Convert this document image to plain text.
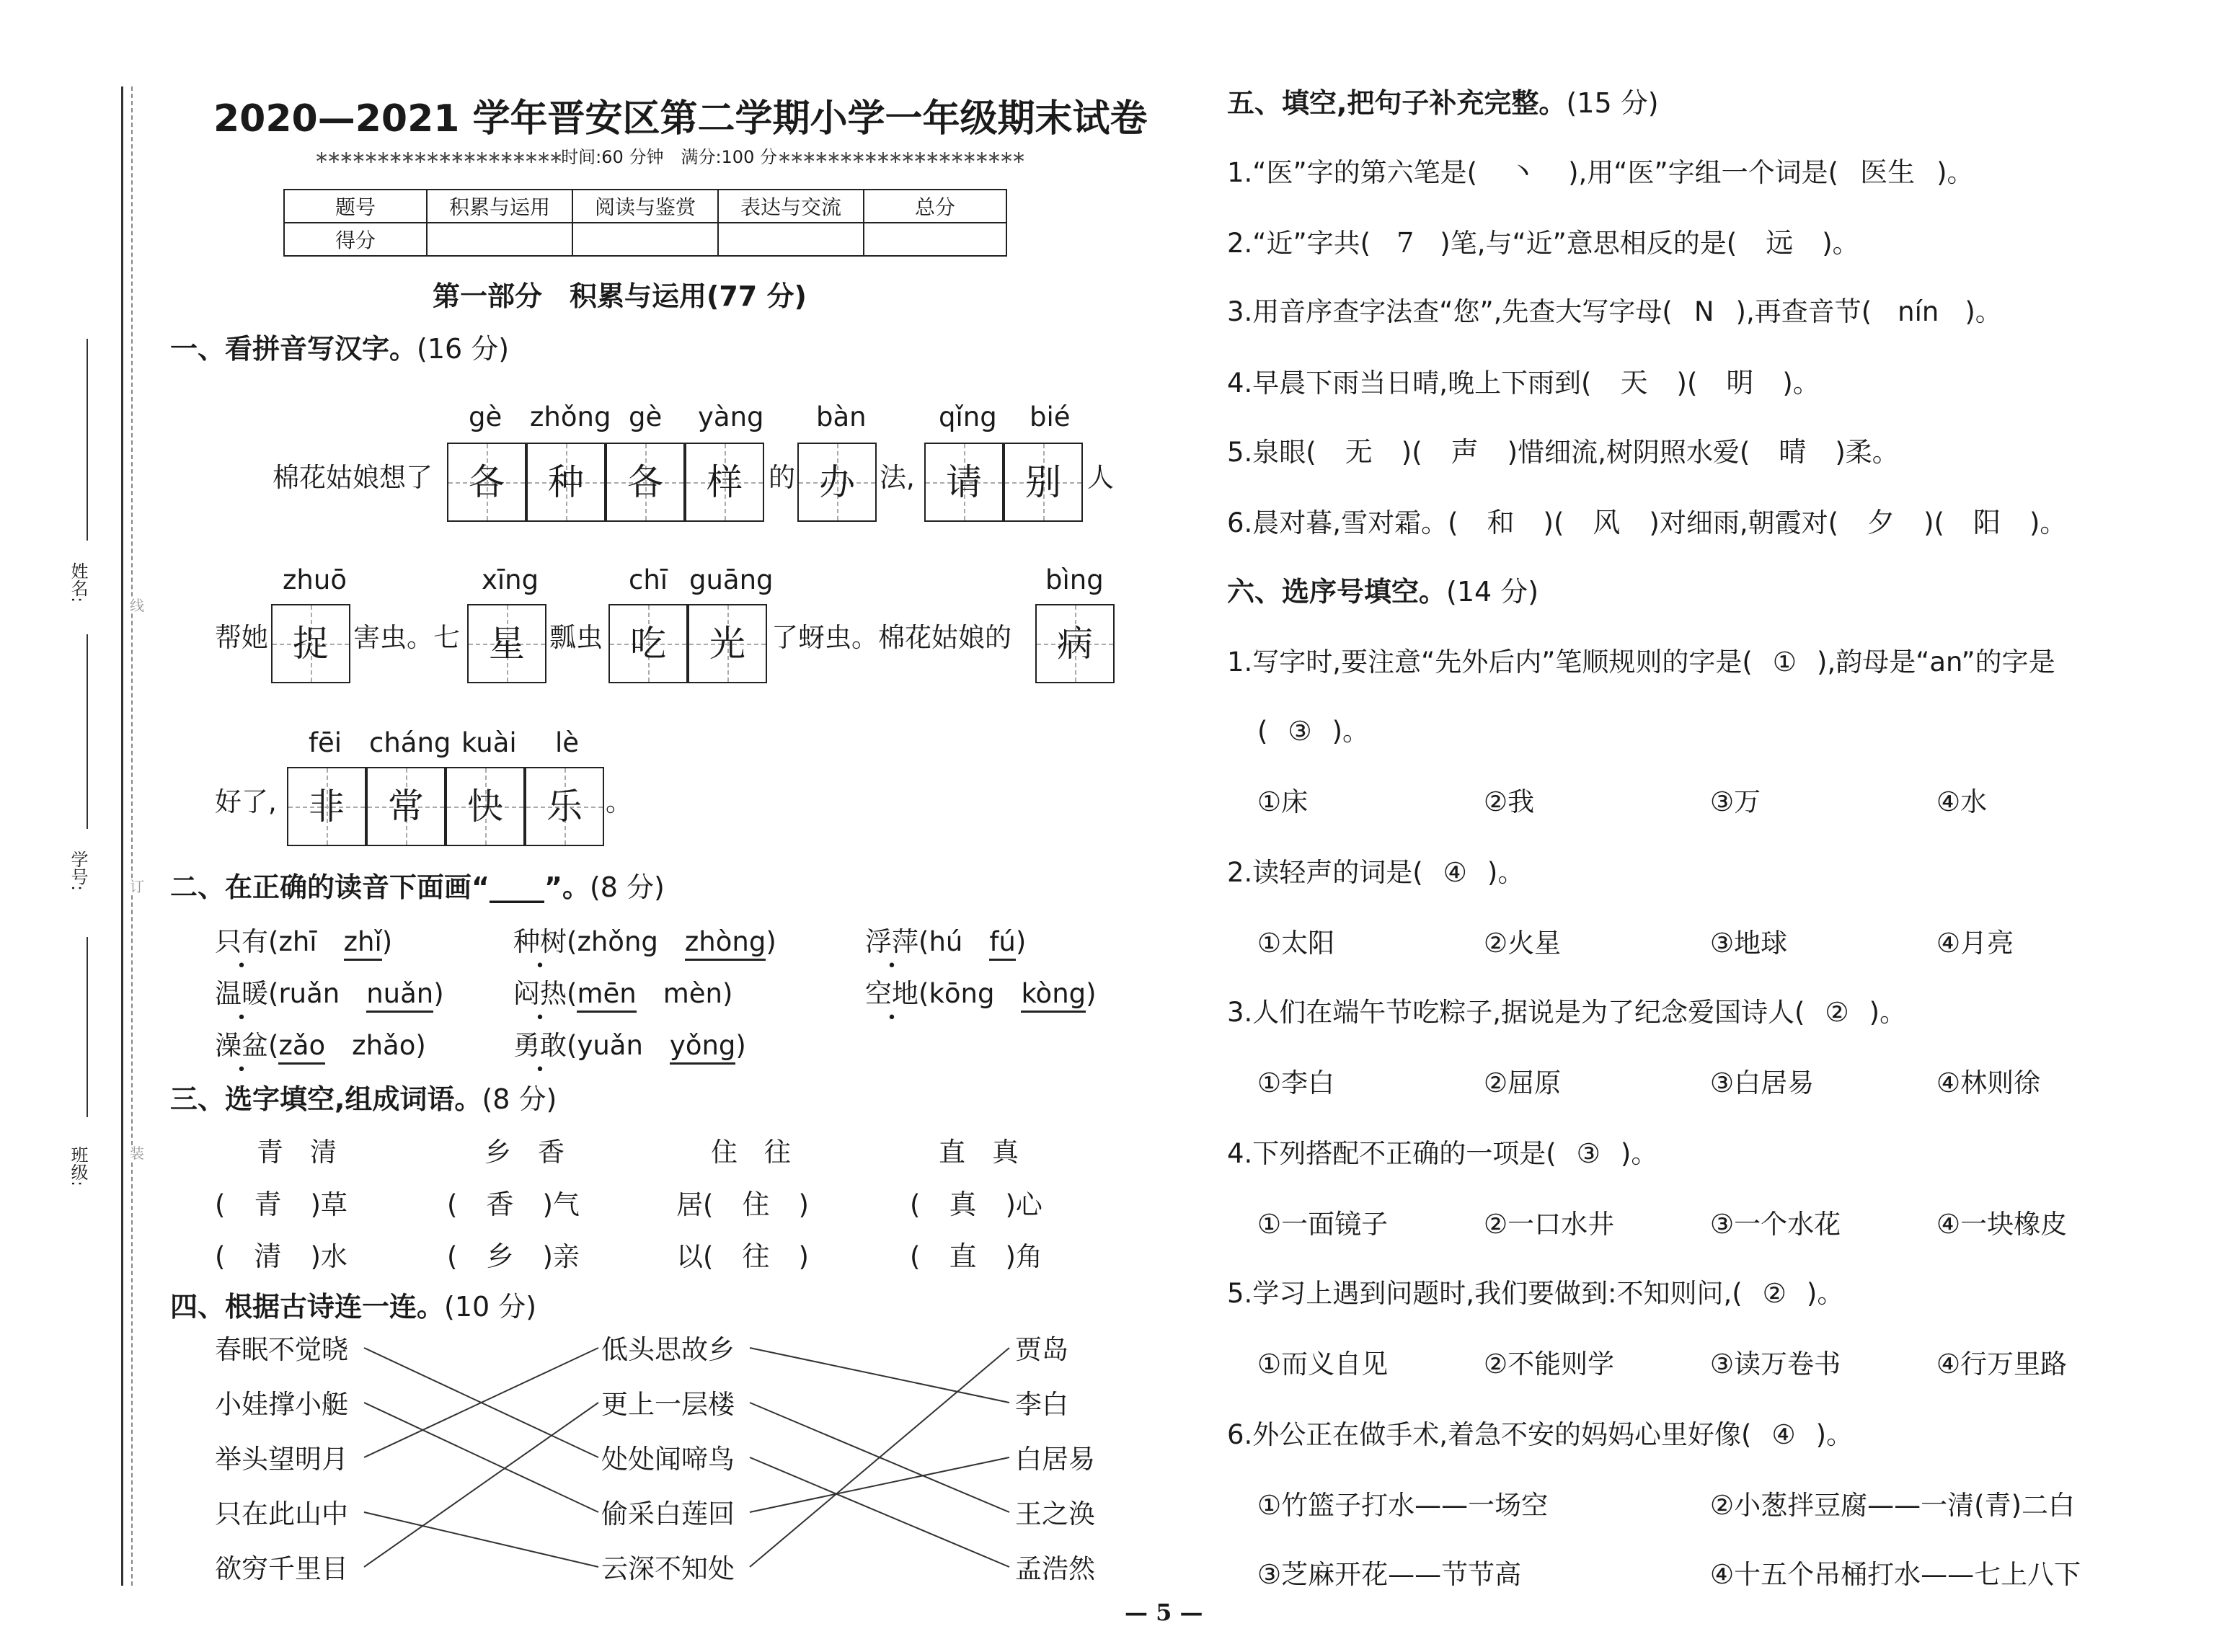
姓名:
学号:
班级:
线
订
装
2020—2021 学年晋安区第二学期小学一年级期末试卷
∗∗∗∗∗∗∗∗∗∗∗∗∗∗∗∗∗∗∗∗时间:60 分钟　满分:100 分∗∗∗∗∗∗∗∗∗∗∗∗∗∗∗∗∗∗∗∗
题号	积累与运用	阅读与鉴赏	表达与交流	总分
得分				
第一部分　积累与运用(77 分)
一、看拼音写汉字。(16 分)
gè zhǒng gè yàng bàn	qǐng bié
棉花姑娘想了	各	种	各	样 的 办 法, 请	别 人
zhuō	xīng	chī guāng	bìng
帮她 捉 害虫。七 星 瓢虫 吃	光 了蚜虫。棉花姑娘的	病
fēi cháng kuài lè
好了, 非	常	快	乐 。
二、在正确的读音下面画“____”。(8 分)
只有(zhī　 zhǐ)	种树(zhǒng　 zhòng)	浮萍(hú　 fú)
温暖(ruǎn　 nuǎn)	闷热(mēn　 mèn)	空地(kōng　 kòng)
澡盆(zǎo　 zhǎo)	勇敢(yuǎn　 yǒng)
三、选字填空,组成词语。(8 分)
青　清	乡　香	住　往	直　真
( 青 )草	( 香 )气	居( 住 )	( 真 )心
( 清 )水	( 乡 )亲	以( 往 )	( 直 )角
四、根据古诗连一连。(10 分)
春眠不觉晓
小娃撑小艇
举头望明月
只在此山中
欲穷千里目
低头思故乡
更上一层楼
处处闻啼鸟
偷采白莲回
云深不知处
贾岛
李白
白居易
王之涣
孟浩然
五、填空,把句子补充完整。(15 分)
1.“医”字的第六笔是( 丶 ),用“医”字组一个词是( 医生 )。
2.“近”字共( 7 )笔,与“近”意思相反的是( 远 )。
3.用音序查字法查“您”,先查大写字母( N ),再查音节( nín )。
4.早晨下雨当日晴,晚上下雨到( 天 )( 明 )。
5.泉眼( 无 )( 声 )惜细流,树阴照水爱( 晴 )柔。
6.晨对暮,雪对霜。( 和 )( 风 )对细雨,朝霞对( 夕 )( 阳 )。
六、选序号填空。(14 分)
1.写字时,要注意“先外后内”笔顺规则的字是( ① ),韵母是“an”的字是
( ③ )。
①床	②我	③万	④水
2.读轻声的词是( ④ )。
①太阳	②火星	③地球	④月亮
3.人们在端午节吃粽子,据说是为了纪念爱国诗人( ② )。
①李白	②屈原	③白居易	④林则徐
4.下列搭配不正确的一项是( ③ )。
①一面镜子	②一口水井	③一个水花	④一块橡皮
5.学习上遇到问题时,我们要做到:不知则问,( ② )。
①而义自见	②不能则学	③读万卷书	④行万里路
6.外公正在做手术,着急不安的妈妈心里好像( ④ )。
①竹篮子打水——一场空	②小葱拌豆腐——一清(青)二白
③芝麻开花——节节高	④十五个吊桶打水——七上八下
— 5 —
